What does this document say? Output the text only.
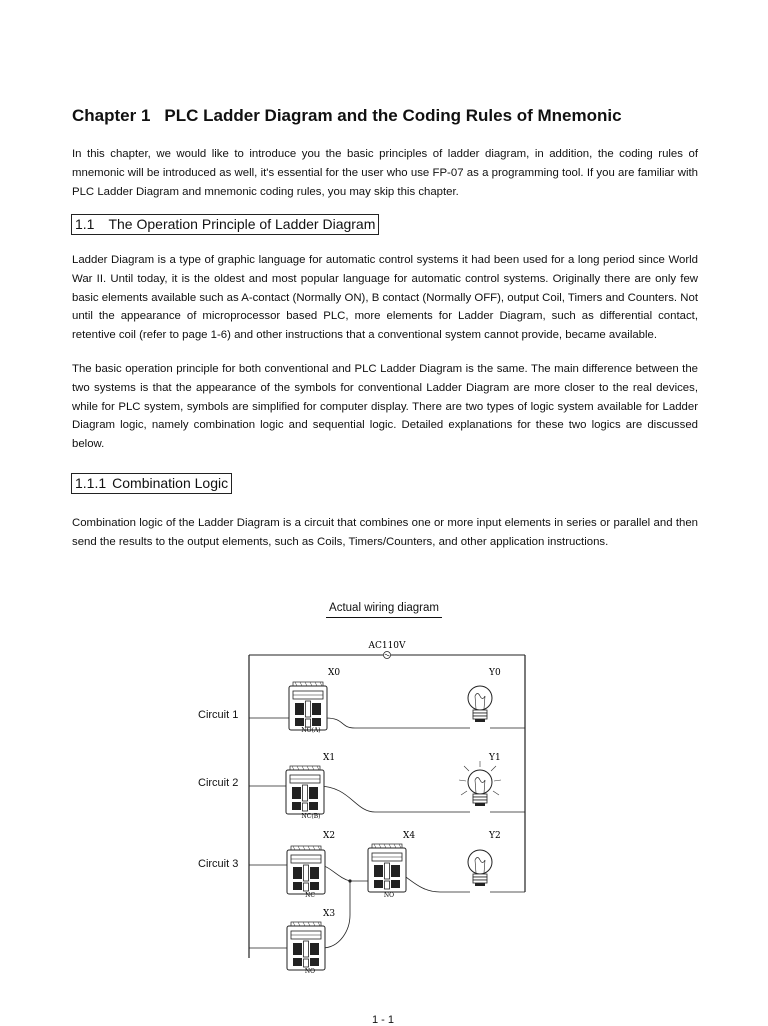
Chapter 1 PLC Ladder Diagram and the Coding Rules of Mnemonic

In this chapter, we would like to introduce you the basic principles of ladder diagram, in addition, the coding rules of mnemonic will be introduced as well, it's essential for the user who use FP-07 as a programming tool. If you are familiar with PLC Ladder Diagram and mnemonic coding rules, you may skip this chapter.

1.1 The Operation Principle of Ladder Diagram

Ladder Diagram is a type of graphic language for automatic control systems it had been used for a long period since World War II. Until today, it is the oldest and most popular language for automatic control systems. Originally there are only few basic elements available such as A-contact (Normally ON), B contact (Normally OFF), output Coil, Timers and Counters. Not until the appearance of microprocessor based PLC, more elements for Ladder Diagram, such as differential contact, retentive coil (refer to page 1-6) and other instructions that a conventional system cannot provide, became available.

The basic operation principle for both conventional and PLC Ladder Diagram is the same. The main difference between the two systems is that the appearance of the symbols for conventional Ladder Diagram are more closer to the real devices, while for PLC system, symbols are simplified for computer display. There are two types of logic system available for Ladder Diagram logic, namely combination logic and sequential logic. Detailed explanations for these two logics are discussed below.

1.1.1 Combination Logic

Combination logic of the Ladder Diagram is a circuit that combines one or more input elements in series or parallel and then send the results to the output elements, such as Coils, Timers/Counters, and other application instructions.

Actual wiring diagram
Circuit 1
Circuit 2
Circuit 3
AC110V
X0
NO(A)
X1
NC(B)
X2
NC
X4
NO
X3
NO
Y0
Y1
Y2
1 - 1
